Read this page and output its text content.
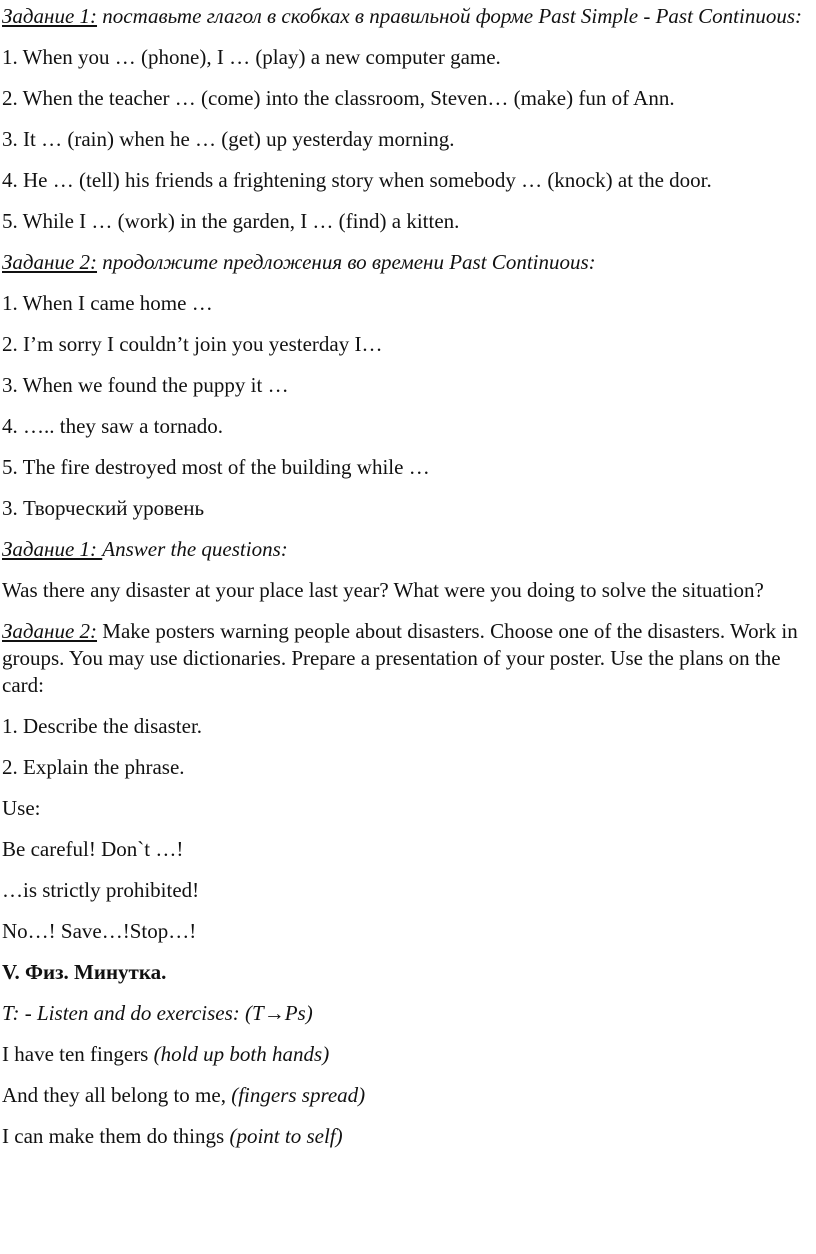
Задание 1: поставьте глагол в скобках в правильной форме Past Simple - Past Continuous:

1. When you … (phone), I … (play) a new computer game.

2. When the teacher … (come) into the classroom, Steven… (make) fun of Ann.

3. It … (rain) when he … (get) up yesterday morning.

4. He … (tell) his friends a frightening story when somebody … (knock) at the door.

5. While I … (work) in the garden, I … (find) a kitten.

Задание 2: продолжите предложения во времени Past Continuous:

1. When I came home …

2. I’m sorry I couldn’t join you yesterday I…

3. When we found the puppy it …

4. ….. they saw a tornado.

5. The fire destroyed most of the building while …

3. Творческий уровень

Задание 1: Answer the questions:

Was there any disaster at your place last year? What were you doing to solve the situation?

Задание 2: Make posters warning people about disasters. Choose one of the disasters. Work in groups. You may use dictionaries. Prepare a presentation of your poster. Use the plans on the card:

1. Describe the disaster.

2. Explain the phrase.

Use:

Be careful! Don`t …!

…is strictly prohibited!

No…! Save…!Stop…!

V. Физ. Минутка.

T: - Listen and do exercises: (T→Ps)

I have ten fingers (hold up both hands)

And they all belong to me, (fingers spread)

I can make them do things (point to self)
